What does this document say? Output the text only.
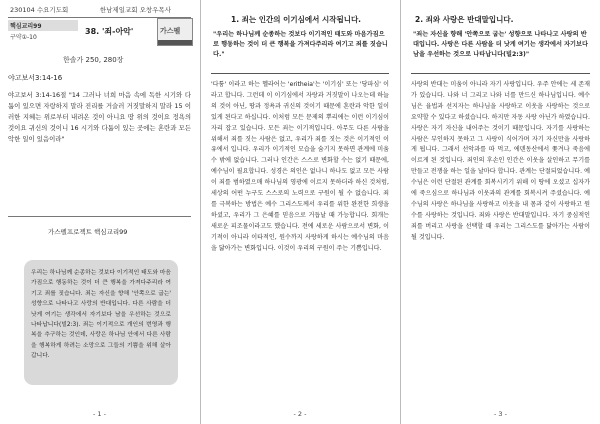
230104 수요기도회	한남제일교회 오창우목사
핵심교리99
구약①-10
38. '죄-아악'	가스펠
한솔가 250, 280장
야고보서3:14-16
야고보서 3:14-16절 "14 그러나 너희 마음 속에 독한 시기와 다툼이 있으면 자랑하지 말라 진리를 거슬러 거짓말하지 말라 15 이러한 지혜는 위로부터 내려온 것이 아니요 땅 위의 것이요 정욕의 것이요 귀신의 것이니 16 시기와 다툼이 있는 곳에는 혼란과 모든 악한 일이 있음이라"
가스펠프로젝트 핵심교리99
우리는 하나님께 순종하는 것보다 이기적인 태도와 마음가짐으로 행동하는 것이 더 큰 행복을 가져다주리라 여기고 죄를 짓습니다. 죄는 자신을 향해 '안쪽으로 굽는' 성향으로 나타나고 사랑의 반대입니다. 다른 사람을 더 낫게 여기는 생각에서 자기보다 남을 우선하는 것으로 나타납니다(빌2:3). 죄는 이기적으로 개인의 번영과 행복을 추구하는 것인데, 사랑은 하나님 안에서 다른 사람을 행복하게 하려는 소망으로 그들의 기쁨을 위해 살아갑니다.
- 1 -
1. 죄는 인간의 이기심에서 시작됩니다.
"우리는 하나님께 순종하는 것보다 이기적인 태도와 마음가짐으로 행동하는 것이 더 큰 행복을 가져다주리라 여기고 죄를 짓습니다."
'다툼' 이라고 하는 헬라어는 'eritheia'는 '이기심' 또는 '당파심' 이라고 합니다. 그런데 이 이기심에서 자랑과 거짓말이 나오는데 하늘의 것이 아닌, 땅과 정욕과 귀신의 것이기 때문에 혼란과 악한 일이 있게 된다고 하십니다. 이처럼 모든 문제의 뿌리에는 이런 이기심이 자리 잡고 있습니다. 모든 죄는 이기적입니다. 아무도 다른 사람을 위해서 죄를 짓는 사람은 없고, 우리가 죄를 짓는 것은 이기적인 이유에서 입니다. 우리가 이기적인 모습을 숨기지 못하면 관계에 미움 수 밖에 없습니다. 그러나 인간은 스스로 변화할 수는 없기 때문에, 예수님이 필요합니다. 성경은 의인은 없나니 하나도 없고 모든 사람이 죄를 범하였으매 하나님의 영광에 이르지 못하더라 하신 것처럼, 세상의 어떤 누구도 스스로의 노력으로 구원이 될 수 없습니다. 죄를 극복하는 방법은 예수 그리스도께서 우리를 위한 완전한 희생을 하셨고, 우리가 그 은혜를 믿음으로 거듭날 때 가능합니다. 회개는 새로운 피조물이라고도 했습니다. 전에 세로운 사람으로서 변화, 이기적이 아니라 이타적인, 원수까지 사랑하게 하시는 예수님의 마음을 닮아가는 변화입니다. 이것이 우리의 구원이 주는 기쁨입니다.
- 2 -
2. 죄와 사랑은 반대말입니다.
"죄는 자신을 향해 '안쪽으로 굽는' 성향으로 나타나고 사랑의 반대입니다. 사랑은 다른 사람을 더 낫게 여기는 생각에서 자기보다 남을 우선하는 것으로 나타납니다(빌2:3)"
사랑의 반대는 미움이 아니라 자기 사랑입니다. 우주 안에는 세 존재가 있습니다. 나와 너 그리고 나와 너를 만드신 하나님입니다. 예수님은 율법과 선지자는 하나님을 사랑하고 이웃을 사랑하는 것으로 요약할 수 있다고 하셨습니다. 하지만 자동 사랑 아닌가 하였습니다. 사랑은 자기 자신을 내어주는 것이기 때문입니다. 자기를 사랑하는 사람은 부인하지 못하고 그 사랑이 식어가며 자기 자신만을 사랑하게 됩니다. 그래서 선악과를 따 먹고, 에덴동산에서 쫓겨나 죽음에 이르게 된 것입니다. 죄인의 후손인 인간은 이웃을 살인하고 무기를 만들고 전쟁을 하는 일을 날마다 합니다. 관계는 단절되었습니다. 예수님은 이런 단절된 관계를 회복시키기 위해 이 땅에 오셨고 십자가에 죽으심으로 하나님과 이웃과의 관계를 회복시켜 주셨습니다. 예수님의 사랑은 하나님을 사랑하고 이웃을 내 몸과 같이 사랑하고 원수를 사랑하는 것입니다. 죄와 사랑은 반대말입니다. 자기 중심적인 죄를 버리고 사랑을 선택할 때 우리는 그리스도를 닮아가는 사람이 될 것입니다.
- 3 -
